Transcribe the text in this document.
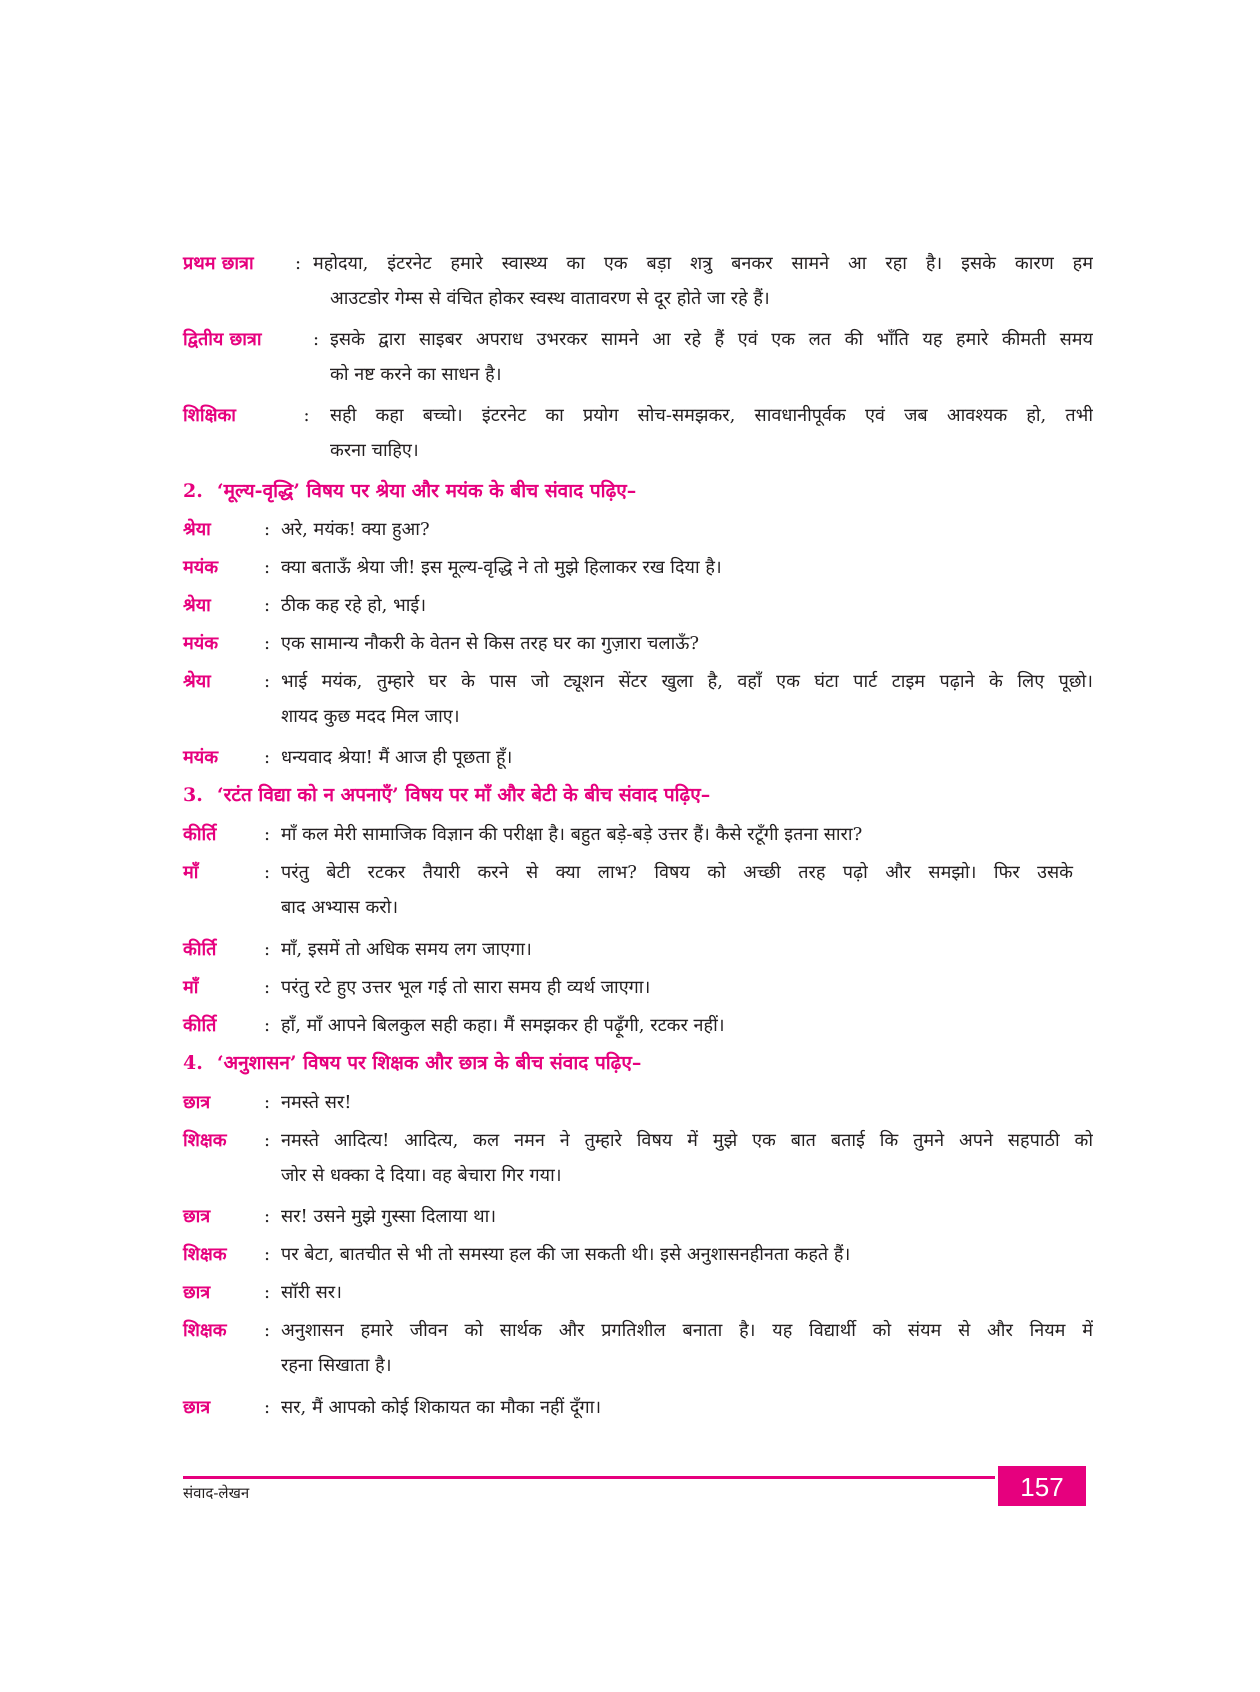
प्रथम छात्रा	: महोदया, इंटरनेट हमारे स्वास्थ्य का एक बड़ा शत्रु बनकर सामने आ रहा है। इसके कारण हम
आउटडोर गेम्स से वंचित होकर स्वस्थ वातावरण से दूर होते जा रहे हैं।
द्वितीय छात्रा	: इसके द्वारा साइबर अपराध उभरकर सामने आ रहे हैं एवं एक लत की भाँति यह हमारे कीमती समय
को नष्ट करने का साधन है।
शिक्षिका	:	सही कहा बच्चो। इंटरनेट का प्रयोग सोच-समझकर, सावधानीपूर्वक एवं जब आवश्यक हो, तभी
करना चाहिए।
2. ‘मूल्य-वृद्धि’ विषय पर श्रेया और मयंक के बीच संवाद पढ़िए–
श्रेया	: अरे, मयंक! क्या हुआ?
मयंक	: क्या बताऊँ श्रेया जी! इस मूल्य-वृद्धि ने तो मुझे हिलाकर रख दिया है।
श्रेया	: ठीक कह रहे हो, भाई।
मयंक	: एक सामान्य नौकरी के वेतन से किस तरह घर का गुज़ारा चलाऊँ?
श्रेया	: भाई मयंक, तुम्हारे घर के पास जो ट्यूशन सेंटर खुला है, वहाँ एक घंटा पार्ट टाइम पढ़ाने के लिए पूछो।
शायद कुछ मदद मिल जाए।
मयंक	: धन्यवाद श्रेया! मैं आज ही पूछता हूँ।
3. ‘रटंत विद्या को न अपनाएँ’ विषय पर माँ और बेटी के बीच संवाद पढ़िए–
कीर्ति	: माँ कल मेरी सामाजिक विज्ञान की परीक्षा है। बहुत बड़े-बड़े उत्तर हैं। कैसे रटूँगी इतना सारा?
माँ	: परंतु बेटी रटकर तैयारी करने से क्या लाभ? विषय को अच्छी तरह पढ़ो और समझो। फिर उसके
बाद अभ्यास करो।
कीर्ति	: माँ, इसमें तो अधिक समय लग जाएगा।
माँ	: परंतु रटे हुए उत्तर भूल गई तो सारा समय ही व्यर्थ जाएगा।
कीर्ति	: हाँ, माँ आपने बिलकुल सही कहा। मैं समझकर ही पढ़ूँगी, रटकर नहीं।
4. ‘अनुशासन’ विषय पर शिक्षक और छात्र के बीच संवाद पढ़िए–
छात्र	: नमस्ते सर!
शिक्षक	: नमस्ते आदित्य! आदित्य, कल नमन ने तुम्हारे विषय में मुझे एक बात बताई कि तुमने अपने सहपाठी को
जोर से धक्का दे दिया। वह बेचारा गिर गया।
छात्र	: सर! उसने मुझे गुस्सा दिलाया था।
शिक्षक	: पर बेटा, बातचीत से भी तो समस्या हल की जा सकती थी। इसे अनुशासनहीनता कहते हैं।
छात्र	: सॉरी सर।
शिक्षक	: अनुशासन हमारे जीवन को सार्थक और प्रगतिशील बनाता है। यह विद्यार्थी को संयम से और नियम में
रहना सिखाता है।
छात्र	: सर, मैं आपको कोई शिकायत का मौका नहीं दूँगा।
संवाद-लेखन	157
